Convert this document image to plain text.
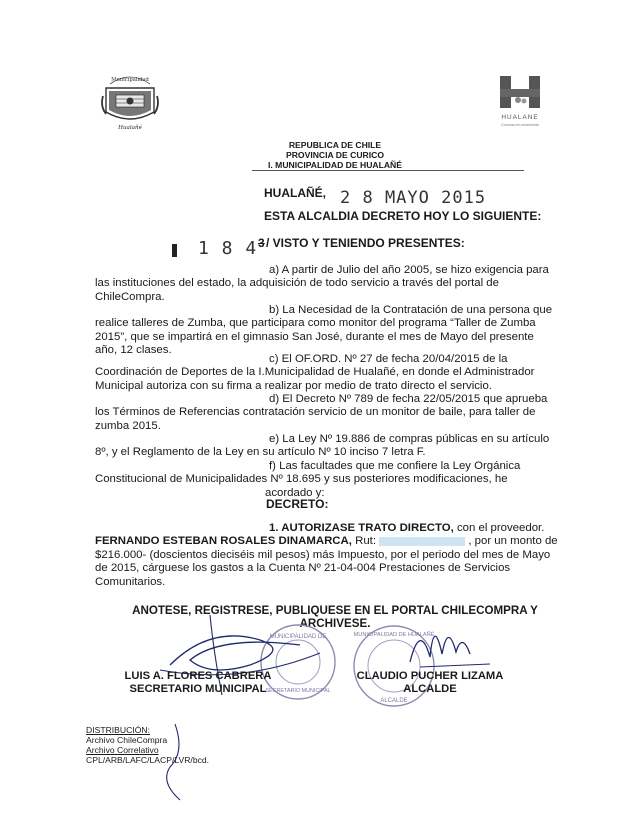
Municipalidad
Hualañé
HUALANE
Comuna en movimiento
REPUBLICA DE CHILE
PROVINCIA DE CURICO
I. MUNICIPALIDAD DE HUALAÑÉ
HUALAÑÉ, 2 8 MAYO 2015
ESTA ALCALDIA DECRETO HOY LO SIGUIENTE:
1 8 4 3 / VISTO Y TENIENDO PRESENTES:
a) A partir de Julio del año 2005, se hizo exigencia para
las instituciones del estado, la adquisición de todo servicio a través del portal de
ChileCompra.
b) La Necesidad de la Contratación de una persona que
realice talleres de Zumba, que participara como monitor del programa “Taller de Zumba
2015”, que se impartirá en el gimnasio San José, durante el mes de Mayo del presente
año, 12 clases.
c) El OF.ORD. Nº 27 de fecha 20/04/2015 de la
Coordinación de Deportes de la I.Municipalidad de Hualañé, en donde el Administrador
Municipal autoriza con su firma a realizar por medio de trato directo el servicio.
d) El Decreto Nº 789 de fecha 22/05/2015 que aprueba
los Términos de Referencias contratación servicio de un monitor de baile, para taller de
zumba 2015.
e) La Ley Nº 19.886 de compras públicas en su artículo
8º, y el Reglamento de la Ley en su artículo Nº 10 inciso 7 letra F.
f) Las facultades que me confiere la Ley Orgánica
Constitucional de Municipalidades Nº 18.695 y sus posteriores modificaciones, he
acordado y:
DECRETO:
1. AUTORIZASE TRATO DIRECTO, con el proveedor.
FERNANDO ESTEBAN ROSALES DINAMARCA, Rut:	, por un monto de
$216.000- (doscientos dieciséis mil pesos) más Impuesto, por el periodo del mes de Mayo
de 2015, cárguese los gastos a la Cuenta Nº 21-04-004 Prestaciones de Servicios
Comunitarios.
ANOTESE, REGISTRESE, PUBLIQUESE EN EL PORTAL CHILECOMPRA Y
ARCHIVESE.
MUNICIPALIDAD DE
SECRETARIO MUNICIPAL
MUNICIPALIDAD DE HUALAÑÉ
ALCALDE
LUIS A. FLORES CABRERA
SECRETARIO MUNICIPAL
CLAUDIO PUCHER LIZAMA
ALCALDE
DISTRIBUCIÓN:
Archivo ChileCompra
Archivo Correlativo
CPL/ARB/LAFC/LACP/LVR/bcd.
